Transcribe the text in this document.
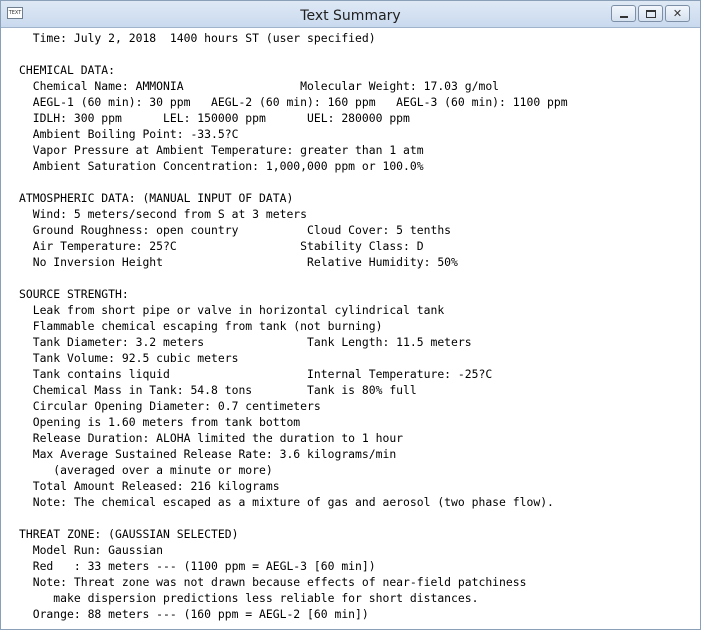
TEXT	Text Summary	✕
Time: July 2, 2018  1400 hours ST (user specified)
CHEMICAL DATA:
Chemical Name: AMMONIA                 Molecular Weight: 17.03 g/mol
AEGL-1 (60 min): 30 ppm   AEGL-2 (60 min): 160 ppm   AEGL-3 (60 min): 1100 ppm
IDLH: 300 ppm      LEL: 150000 ppm      UEL: 280000 ppm
Ambient Boiling Point: -33.5?C
Vapor Pressure at Ambient Temperature: greater than 1 atm
Ambient Saturation Concentration: 1,000,000 ppm or 100.0%
ATMOSPHERIC DATA: (MANUAL INPUT OF DATA)
Wind: 5 meters/second from S at 3 meters
Ground Roughness: open country          Cloud Cover: 5 tenths
Air Temperature: 25?C                  Stability Class: D
No Inversion Height                     Relative Humidity: 50%
SOURCE STRENGTH:
Leak from short pipe or valve in horizontal cylindrical tank
Flammable chemical escaping from tank (not burning)
Tank Diameter: 3.2 meters               Tank Length: 11.5 meters
Tank Volume: 92.5 cubic meters
Tank contains liquid                    Internal Temperature: -25?C
Chemical Mass in Tank: 54.8 tons        Tank is 80% full
Circular Opening Diameter: 0.7 centimeters
Opening is 1.60 meters from tank bottom
Release Duration: ALOHA limited the duration to 1 hour
Max Average Sustained Release Rate: 3.6 kilograms/min
(averaged over a minute or more)
Total Amount Released: 216 kilograms
Note: The chemical escaped as a mixture of gas and aerosol (two phase flow).
THREAT ZONE: (GAUSSIAN SELECTED)
Model Run: Gaussian
Red   : 33 meters --- (1100 ppm = AEGL-3 [60 min])
Note: Threat zone was not drawn because effects of near-field patchiness
make dispersion predictions less reliable for short distances.
Orange: 88 meters --- (160 ppm = AEGL-2 [60 min])
